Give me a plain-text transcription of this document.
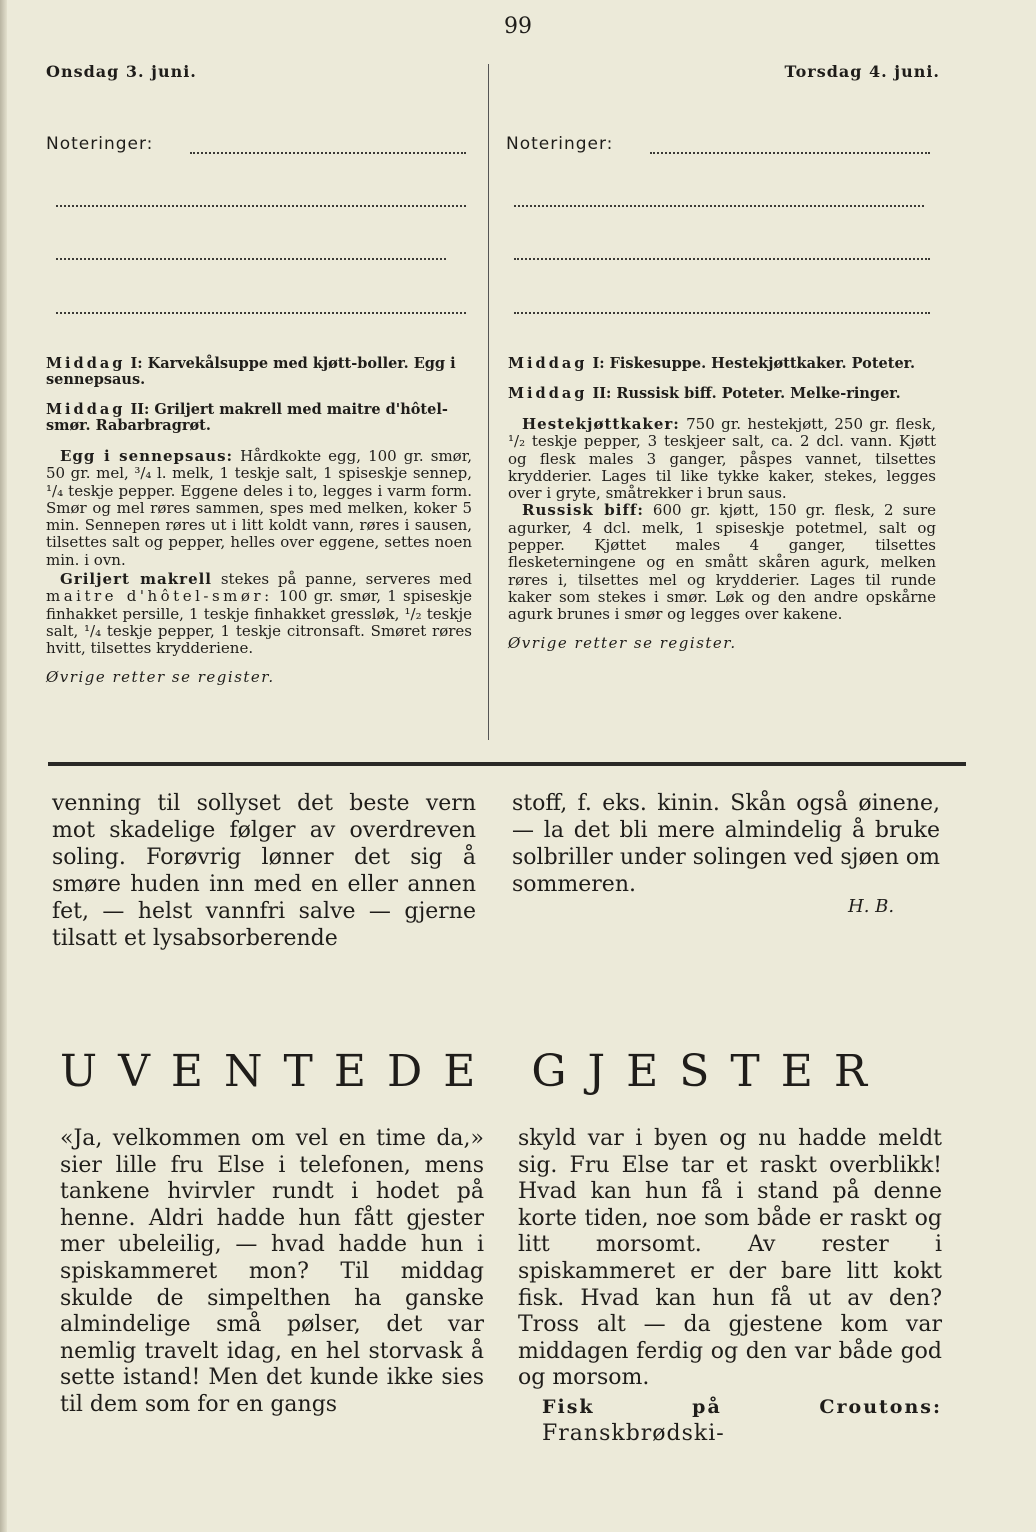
99
Onsdag 3. juni.	Torsdag 4. juni.
Noteringer:	Noteringer:
Middag I: Karvekålsuppe med kjøtt-boller. Egg i sennepsaus.
Middag II: Griljert makrell med maitre d'hôtel-smør. Rabarbragrøt.

Egg i sennepsaus: Hårdkokte egg, 100 gr. smør, 50 gr. mel, ³/₄ l. melk, 1 teskje salt, 1 spiseskje sennep, ¹/₄ teskje pepper. Eggene deles i to, legges i varm form. Smør og mel røres sammen, spes med melken, koker 5 min. Sennepen røres ut i litt koldt vann, røres i sausen, tilsettes salt og pepper, helles over eggene, settes noen min. i ovn.

Griljert makrell stekes på panne, serveres med maitre d'hôtel-smør: 100 gr. smør, 1 spiseskje finhakket persille, 1 teskje finhakket gressløk, ¹/₂ teskje salt, ¹/₄ teskje pepper, 1 teskje citronsaft. Smøret røres hvitt, tilsettes krydderiene.

Øvrige retter se register.
Middag I: Fiskesuppe. Hestekjøttkaker. Poteter.
Middag II: Russisk biff. Poteter. Melke-ringer.

Hestekjøttkaker: 750 gr. hestekjøtt, 250 gr. flesk, ¹/₂ teskje pepper, 3 teskjeer salt, ca. 2 dcl. vann. Kjøtt og flesk males 3 ganger, påspes vannet, tilsettes krydderier. Lages til like tykke kaker, stekes, legges over i gryte, småtrekker i brun saus.

Russisk biff: 600 gr. kjøtt, 150 gr. flesk, 2 sure agurker, 4 dcl. melk, 1 spiseskje potetmel, salt og pepper. Kjøttet males 4 ganger, tilsettes flesketerningene og en smått skåren agurk, melken røres i, tilsettes mel og krydderier. Lages til runde kaker som stekes i smør. Løk og den andre opskårne agurk brunes i smør og legges over kakene.

Øvrige retter se register.
venning til sollyset det beste vern mot skadelige følger av overdreven soling. Forøvrig lønner det sig å smøre huden inn med en eller annen fet, — helst vannfri salve — gjerne tilsatt et lysabsorberende
stoff, f. eks. kinin. Skån også øinene, — la det bli mere almindelig å bruke solbriller under solingen ved sjøen om sommeren.
H. B.
UVENTEDE GJESTER
«Ja, velkommen om vel en time da,» sier lille fru Else i telefonen, mens tankene hvirvler rundt i hodet på henne. Aldri hadde hun fått gjester mer ubeleilig, — hvad hadde hun i spiskammeret mon? Til middag skulde de simpelthen ha ganske almindelige små pølser, det var nemlig travelt idag, en hel storvask å sette istand! Men det kunde ikke sies til dem som for en gangs
skyld var i byen og nu hadde meldt sig. Fru Else tar et raskt overblikk! Hvad kan hun få i stand på denne korte tiden, noe som både er raskt og litt morsomt. Av rester i spiskammeret er der bare litt kokt fisk. Hvad kan hun få ut av den? Tross alt — da gjestene kom var middagen ferdig og den var både god og morsom.
Fisk på Croutons: Franskbrødski-
